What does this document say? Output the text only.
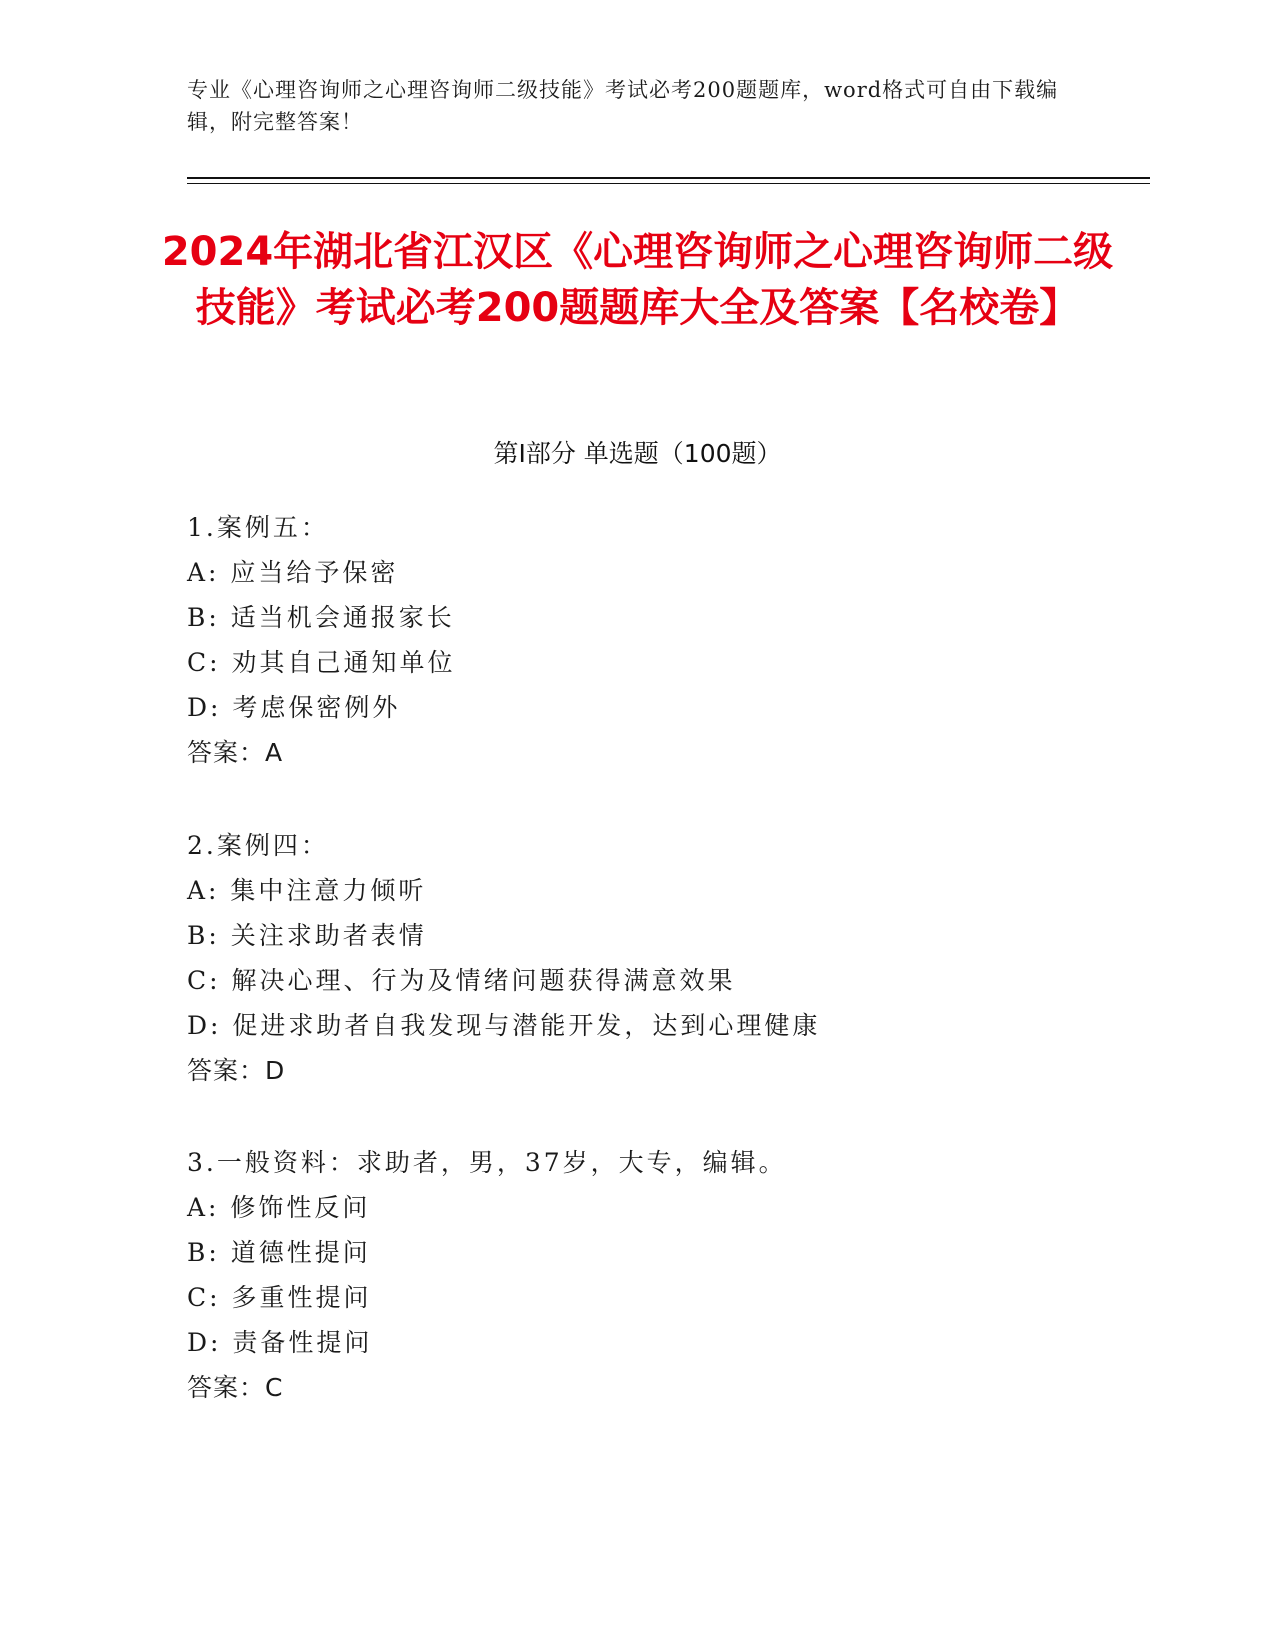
专业《心理咨询师之心理咨询师二级技能》考试必考200题题库，word格式可自由下载编辑，附完整答案！
2024年湖北省江汉区《心理咨询师之心理咨询师二级技能》考试必考200题题库大全及答案【名校卷】
第Ⅰ部分 单选题（100题）
1.案例五：
A: 应当给予保密
B: 适当机会通报家长
C: 劝其自己通知单位
D: 考虑保密例外
答案：A
2.案例四：
A: 集中注意力倾听
B: 关注求助者表情
C: 解决心理、行为及情绪问题获得满意效果
D: 促进求助者自我发现与潜能开发，达到心理健康
答案：D
3.一般资料：求助者，男，37岁，大专，编辑。
A: 修饰性反问
B: 道德性提问
C: 多重性提问
D: 责备性提问
答案：C
